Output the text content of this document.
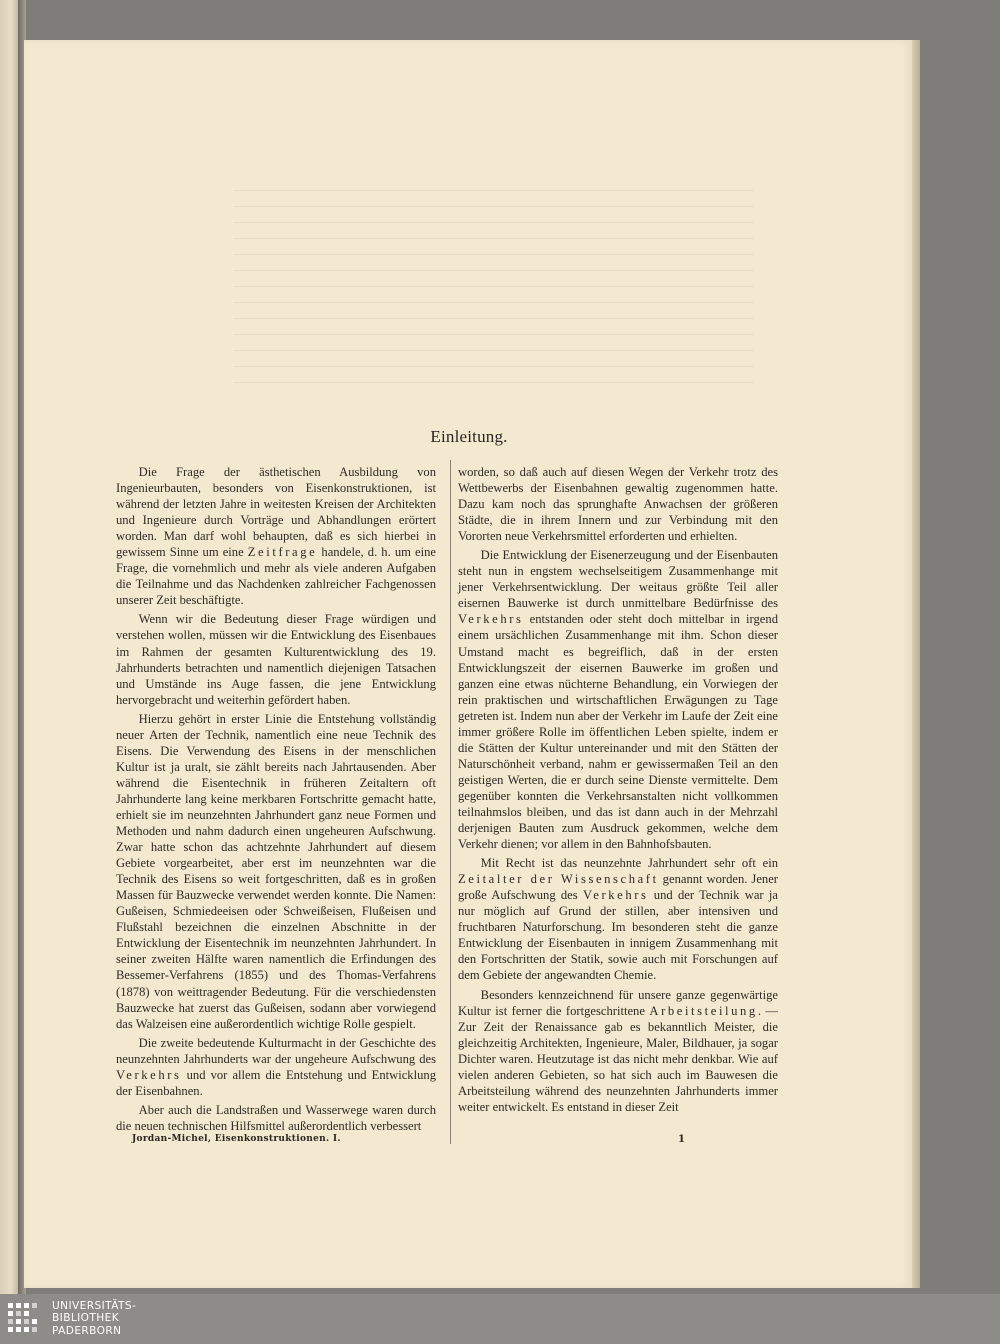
Einleitung.

Die Frage der ästhetischen Ausbildung von Ingenieurbauten, besonders von Eisenkonstruktionen, ist während der letzten Jahre in weitesten Kreisen der Architekten und Ingenieure durch Vorträge und Abhandlungen erörtert worden. Man darf wohl behaupten, daß es sich hierbei in gewissem Sinne um eine Zeitfrage handele, d. h. um eine Frage, die vornehmlich und mehr als viele anderen Aufgaben die Teilnahme und das Nachdenken zahlreicher Fachgenossen unserer Zeit beschäftigte.

Wenn wir die Bedeutung dieser Frage würdigen und verstehen wollen, müssen wir die Entwicklung des Eisenbaues im Rahmen der gesamten Kulturentwicklung des 19. Jahrhunderts betrachten und namentlich diejenigen Tatsachen und Umstände ins Auge fassen, die jene Entwicklung hervorgebracht und weiterhin gefördert haben.

Hierzu gehört in erster Linie die Entstehung vollständig neuer Arten der Technik, namentlich eine neue Technik des Eisens. Die Verwendung des Eisens in der menschlichen Kultur ist ja uralt, sie zählt bereits nach Jahrtausenden. Aber während die Eisentechnik in früheren Zeitaltern oft Jahrhunderte lang keine merkbaren Fortschritte gemacht hatte, erhielt sie im neunzehnten Jahrhundert ganz neue Formen und Methoden und nahm dadurch einen ungeheuren Aufschwung. Zwar hatte schon das achtzehnte Jahrhundert auf diesem Gebiete vorgearbeitet, aber erst im neunzehnten war die Technik des Eisens so weit fortgeschritten, daß es in großen Massen für Bauzwecke verwendet werden konnte. Die Namen: Gußeisen, Schmiedeeisen oder Schweißeisen, Flußeisen und Flußstahl bezeichnen die einzelnen Abschnitte in der Entwicklung der Eisentechnik im neunzehnten Jahrhundert. In seiner zweiten Hälfte waren namentlich die Erfindungen des Bessemer-Verfahrens (1855) und des Thomas-Verfahrens (1878) von weittragender Bedeutung. Für die verschiedensten Bauzwecke hat zuerst das Gußeisen, sodann aber vorwiegend das Walzeisen eine außerordentlich wichtige Rolle gespielt.

Die zweite bedeutende Kulturmacht in der Geschichte des neunzehnten Jahrhunderts war der ungeheure Aufschwung des Verkehrs und vor allem die Entstehung und Entwicklung der Eisenbahnen.

Aber auch die Landstraßen und Wasserwege waren durch die neuen technischen Hilfsmittel außerordentlich verbessert

worden, so daß auch auf diesen Wegen der Verkehr trotz des Wettbewerbs der Eisenbahnen gewaltig zugenommen hatte. Dazu kam noch das sprunghafte Anwachsen der größeren Städte, die in ihrem Innern und zur Verbindung mit den Vororten neue Verkehrsmittel erforderten und erhielten.

Die Entwicklung der Eisenerzeugung und der Eisenbauten steht nun in engstem wechselseitigem Zusammenhange mit jener Verkehrsentwicklung. Der weitaus größte Teil aller eisernen Bauwerke ist durch unmittelbare Bedürfnisse des Verkehrs entstanden oder steht doch mittelbar in irgend einem ursächlichen Zusammenhange mit ihm. Schon dieser Umstand macht es begreiflich, daß in der ersten Entwicklungszeit der eisernen Bauwerke im großen und ganzen eine etwas nüchterne Behandlung, ein Vorwiegen der rein praktischen und wirtschaftlichen Erwägungen zu Tage getreten ist. Indem nun aber der Verkehr im Laufe der Zeit eine immer größere Rolle im öffentlichen Leben spielte, indem er die Stätten der Kultur untereinander und mit den Stätten der Naturschönheit verband, nahm er gewissermaßen Teil an den geistigen Werten, die er durch seine Dienste vermittelte. Dem gegenüber konnten die Verkehrsanstalten nicht vollkommen teilnahmslos bleiben, und das ist dann auch in der Mehrzahl derjenigen Bauten zum Ausdruck gekommen, welche dem Verkehr dienen; vor allem in den Bahnhofsbauten.

Mit Recht ist das neunzehnte Jahrhundert sehr oft ein Zeitalter der Wissenschaft genannt worden. Jener große Aufschwung des Verkehrs und der Technik war ja nur möglich auf Grund der stillen, aber intensiven und fruchtbaren Naturforschung. Im besonderen steht die ganze Entwicklung der Eisenbauten in innigem Zusammenhang mit den Fortschritten der Statik, sowie auch mit Forschungen auf dem Gebiete der angewandten Chemie.

Besonders kennzeichnend für unsere ganze gegenwärtige Kultur ist ferner die fortgeschrittene Arbeitsteilung. — Zur Zeit der Renaissance gab es bekanntlich Meister, die gleichzeitig Architekten, Ingenieure, Maler, Bildhauer, ja sogar Dichter waren. Heutzutage ist das nicht mehr denkbar. Wie auf vielen anderen Gebieten, so hat sich auch im Bauwesen die Arbeitsteilung während des neunzehnten Jahrhunderts immer weiter entwickelt. Es entstand in dieser Zeit

Jordan-Michel, Eisenkonstruktionen. I.	1
UNIVERSITÄTS-
BIBLIOTHEK
PADERBORN
